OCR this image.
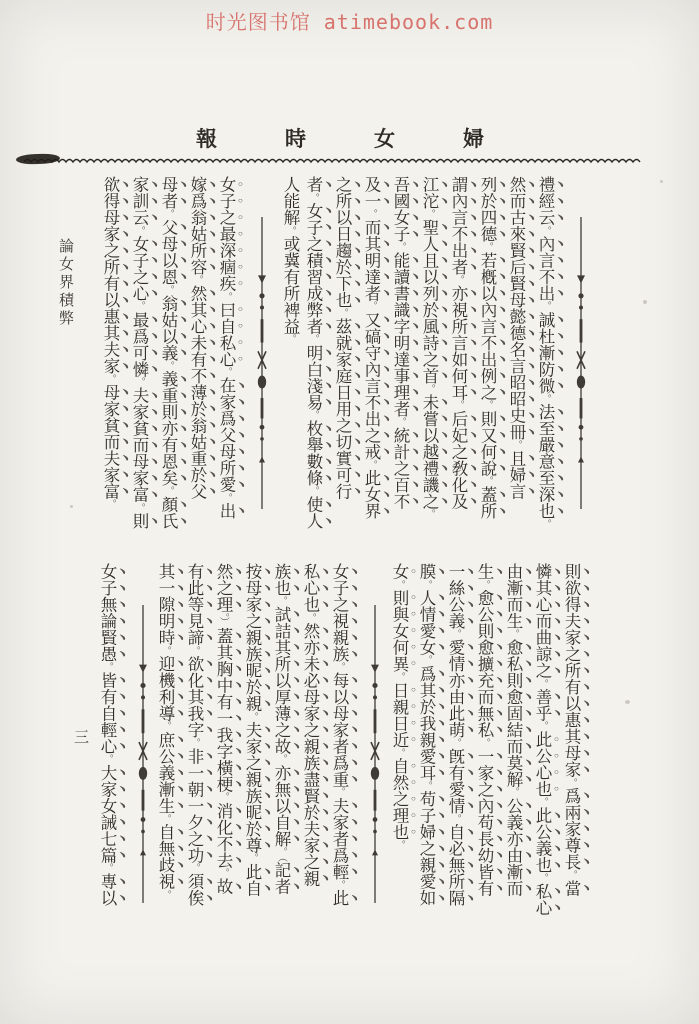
时光图书馆 atimebook.com
報	時	女	婦
論女界積弊
禮經云。內言不出。誠杜漸防微。法至嚴意至深也。
然而古來賢后賢母懿德名言昭昭史冊。且婦言
列於四德。若槪以內言不出例之。則又何說。蓋所
謂內言不出者。亦視所言如何耳。后妃之敎化及
江沱。聖人且以列於風詩之首。未嘗以越禮譏之。
吾國女子。能讀書識字明達事理者。統計之百不
及一。而其明達者。又碻守內言不出之戒。此女界
之所以日趨於下也。茲就家庭日用之切實可行
者。女子之積習成弊者。明白淺易。枚舉數條。使人
人能解。或冀有所裨益。
女子之最深痼疾。曰自私心。在家爲父母所愛。出
嫁爲翁姑所容。然其心未有不薄於翁姑重於父
母者。父母以恩。翁姑以義。義重則亦有恩矣。顏氏
家訓云。女子之心。最爲可憐。夫家貧而母家富。則
欲得母家之所有以惠其夫家。母家貧而夫家富。
則欲得夫家之所有以惠其母家。爲兩家尊長。當
憐其心而曲諒之。善乎。此公心也。此公義也。私心
由漸而生。愈私則愈固結而莫解。公義亦由漸而
生。愈公則愈擴充而無私。一家之內苟長幼皆有
一絲公義。愛情亦由此萌。旣有愛情。自必無所隔
膜。人情愛女。爲其於我親愛耳。苟子婦之親愛如
女。則與女何異。日親日近。自然之理也。
女子之視親族。每以母家者爲重。夫家者爲輕。此
私心也。然亦未必母家之親族盡賢於夫家之親
族也。試詰其所以厚薄之故。亦無以自解。（記者
按母家之親族昵於親。夫家之親族昵於尊。此自
然之理。）蓋其胸中有一我字橫梗。消化不去。故
有此等見諦。欲化其我字。非一朝一夕之功。須俟
其一隙明時。迎機利導。庶公義漸生。自無歧視。
女子無論賢愚。皆有自輕心。大家女誡七篇。專以
三
